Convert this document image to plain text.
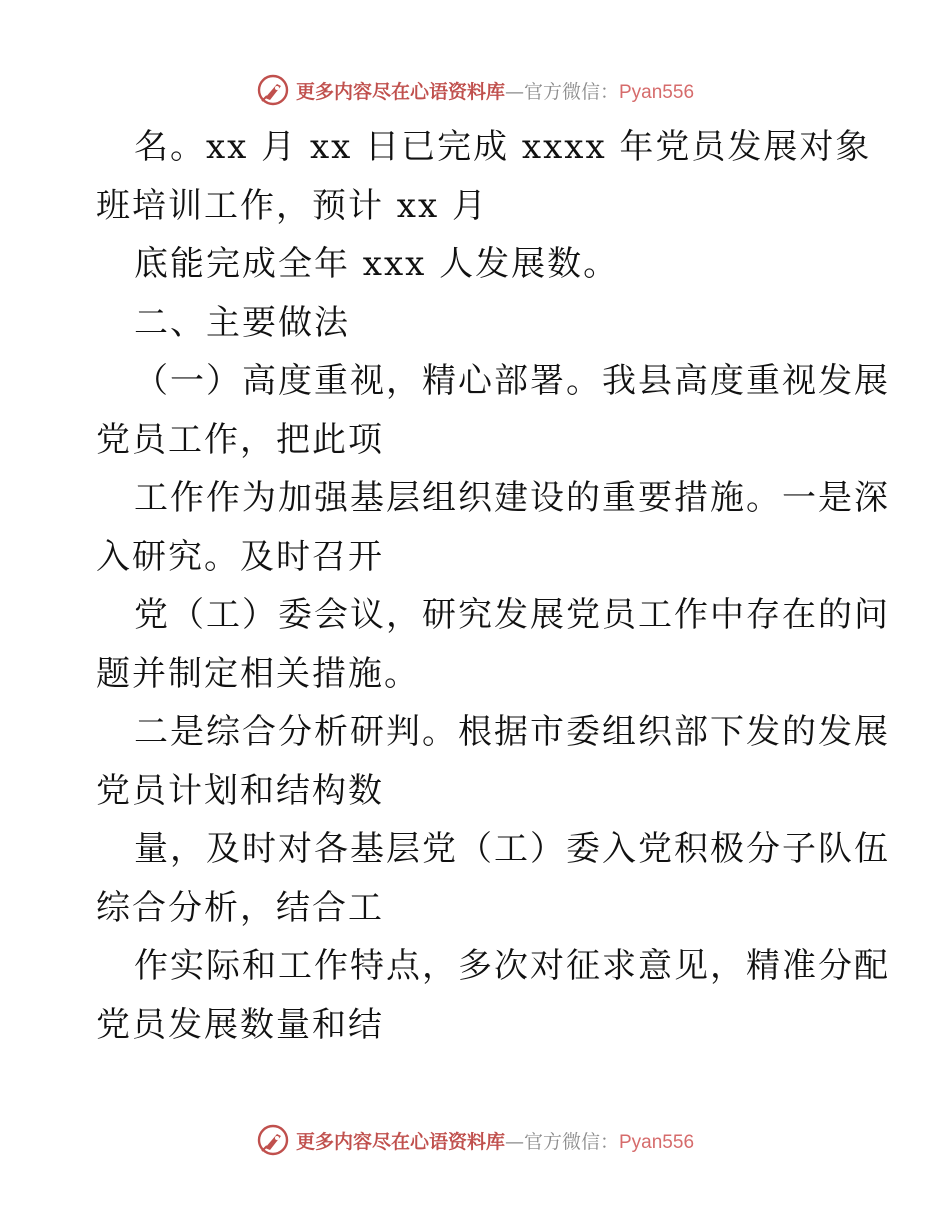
更多内容尽在心语资料库—官方微信：Pyan556
名。xx 月 xx 日已完成 xxxx 年党员发展对象
班培训工作，预计 xx 月
底能完成全年 xxx 人发展数。
二、主要做法
（一）高度重视，精心部署。我县高度重视发展
党员工作，把此项
工作作为加强基层组织建设的重要措施。一是深
入研究。及时召开
党（工）委会议，研究发展党员工作中存在的问
题并制定相关措施。
二是综合分析研判。根据市委组织部下发的发展
党员计划和结构数
量，及时对各基层党（工）委入党积极分子队伍
综合分析，结合工
作实际和工作特点，多次对征求意见，精准分配
党员发展数量和结
更多内容尽在心语资料库—官方微信：Pyan556
